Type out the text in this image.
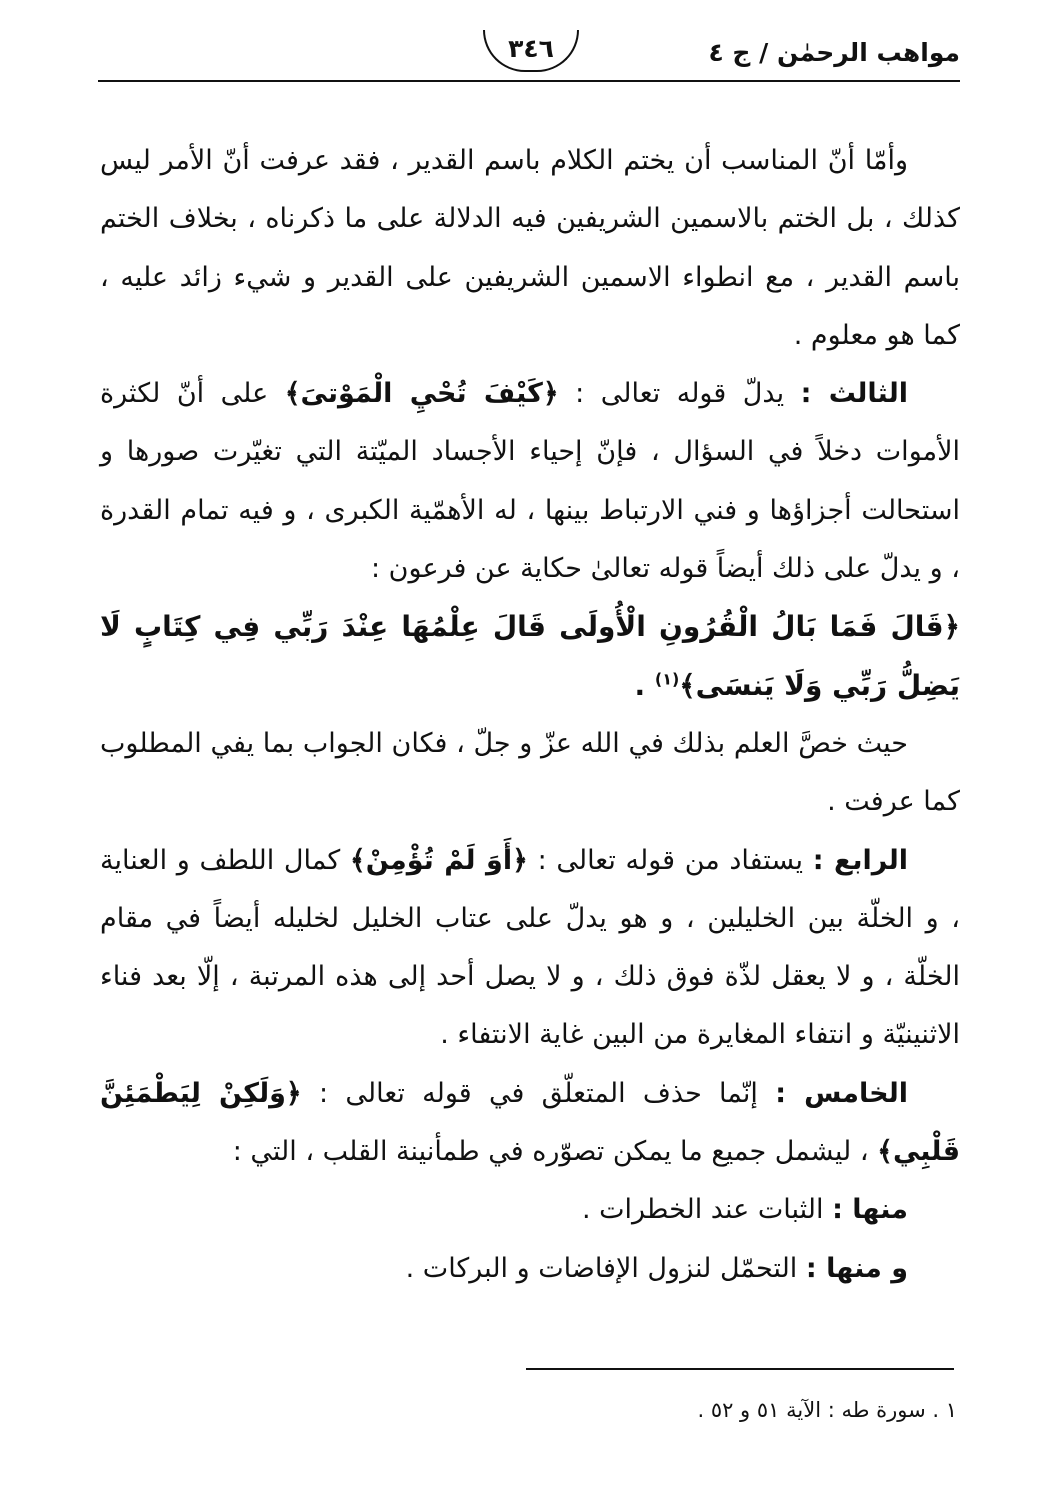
مواهب الرحمٰن / ج ٤
٣٤٦

وأمّا أنّ المناسب أن يختم الكلام باسم القدير ، فقد عرفت أنّ الأمر ليس كذلك ، بل الختم بالاسمين الشريفين فيه الدلالة على ما ذكرناه ، بخلاف الختم باسم القدير ، مع انطواء الاسمين الشريفين على القدير و شيء زائد عليه ، كما هو معلوم .

الثالث : يدلّ قوله تعالى : ﴿كَيْفَ تُحْيِ الْمَوْتىَ﴾ على أنّ لكثرة الأموات دخلاً في السؤال ، فإنّ إحياء الأجساد الميّتة التي تغيّرت صورها و استحالت أجزاؤها و فني الارتباط بينها ، له الأهمّية الكبرى ، و فيه تمام القدرة ، و يدلّ على ذلك أيضاً قوله تعالىٰ حكاية عن فرعون :

﴿قَالَ فَمَا بَالُ الْقُرُونِ الْأُولَى قَالَ عِلْمُهَا عِنْدَ رَبِّي فِي كِتَابٍ لَا يَضِلُّ رَبِّي وَلَا يَنسَى﴾$^{(١)}$ .

حيث خصَّ العلم بذلك في الله عزّ و جلّ ، فكان الجواب بما يفي المطلوب كما عرفت .

الرابع : يستفاد من قوله تعالى : ﴿أَوَ لَمْ تُؤْمِنْ﴾ كمال اللطف و العناية ، و الخلّة بين الخليلين ، و هو يدلّ على عتاب الخليل لخليله أيضاً في مقام الخلّة ، و لا يعقل لذّة فوق ذلك ، و لا يصل أحد إلى هذه المرتبة ، إلّا بعد فناء الاثنينيّة و انتفاء المغايرة من البين غاية الانتفاء .

الخامس : إنّما حذف المتعلّق في قوله تعالى : ﴿وَلَكِنْ لِيَطْمَئِنَّ قَلْبِي﴾ ، ليشمل جميع ما يمكن تصوّره في طمأنينة القلب ، التي :

منها : الثبات عند الخطرات .

و منها : التحمّل لنزول الإفاضات و البركات .

١ . سورة طه : الآية ٥١ و ٥٢ .
